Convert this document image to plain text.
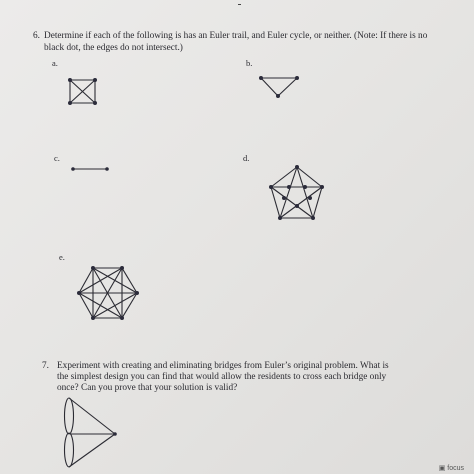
6. Determine if each of the following is has an Euler trail, and Euler cycle, or neither. (Note: If there is no black dot, the edges do not intersect.)
a.	b.
c.	d.
e.
7. Experiment with creating and eliminating bridges from Euler’s original problem. What is the simplest design you can find that would allow the residents to cross each bridge only once? Can you prove that your solution is valid?
▣ focus
